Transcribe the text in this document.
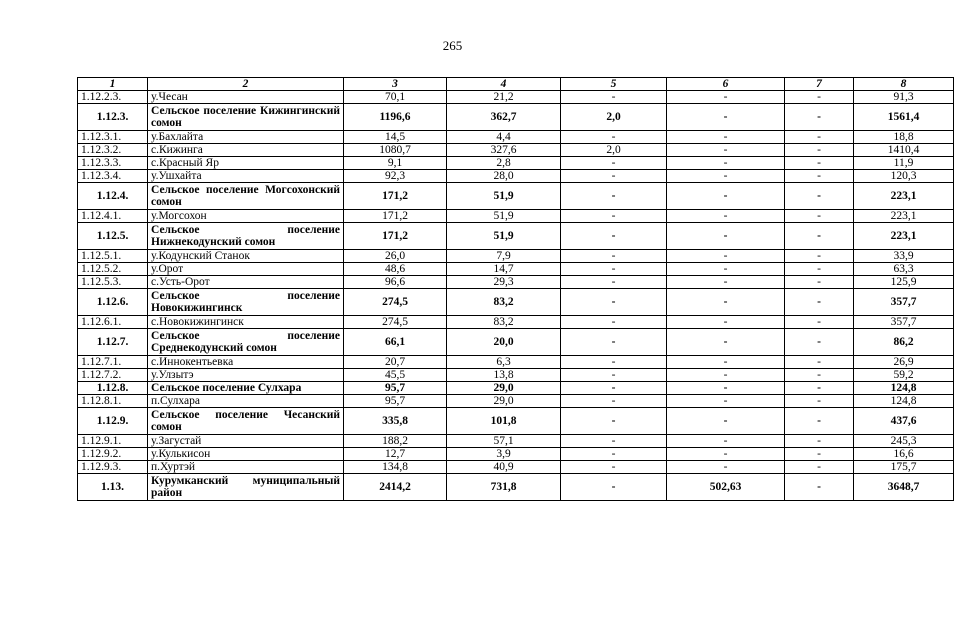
265
1	2	3	4	5	6	7	8
1.12.2.3.	у.Чесан	70,1	21,2	-	-	-	91,3
1.12.3.	Сельское поселение Кижингинский сомон	1196,6	362,7	2,0	-	-	1561,4
1.12.3.1.	у.Бахлайта	14,5	4,4	-	-	-	18,8
1.12.3.2.	с.Кижинга	1080,7	327,6	2,0	-	-	1410,4
1.12.3.3.	с.Красный Яр	9,1	2,8	-	-	-	11,9
1.12.3.4.	у.Ушхайта	92,3	28,0	-	-	-	120,3
1.12.4.	Сельское поселение Могсохонский сомон	171,2	51,9	-	-	-	223,1
1.12.4.1.	у.Могсохон	171,2	51,9	-	-	-	223,1
1.12.5.	Сельское поселение Нижнекодунский сомон	171,2	51,9	-	-	-	223,1
1.12.5.1.	у.Кодунский Станок	26,0	7,9	-	-	-	33,9
1.12.5.2.	у.Орот	48,6	14,7	-	-	-	63,3
1.12.5.3.	с.Усть-Орот	96,6	29,3	-	-	-	125,9
1.12.6.	Сельское поселение Новокижингинск	274,5	83,2	-	-	-	357,7
1.12.6.1.	с.Новокижингинск	274,5	83,2	-	-	-	357,7
1.12.7.	Сельское поселение Среднекодунский сомон	66,1	20,0	-	-	-	86,2
1.12.7.1.	с.Иннокентьевка	20,7	6,3	-	-	-	26,9
1.12.7.2.	у.Улзытэ	45,5	13,8	-	-	-	59,2
1.12.8.	Сельское поселение Сулхара	95,7	29,0	-	-	-	124,8
1.12.8.1.	п.Сулхара	95,7	29,0	-	-	-	124,8
1.12.9.	Сельское поселение Чесанский сомон	335,8	101,8	-	-	-	437,6
1.12.9.1.	у.Загустай	188,2	57,1	-	-	-	245,3
1.12.9.2.	у.Кулькисон	12,7	3,9	-	-	-	16,6
1.12.9.3.	п.Хуртэй	134,8	40,9	-	-	-	175,7
1.13.	Курумканский муниципальный район	2414,2	731,8	-	502,63	-	3648,7
